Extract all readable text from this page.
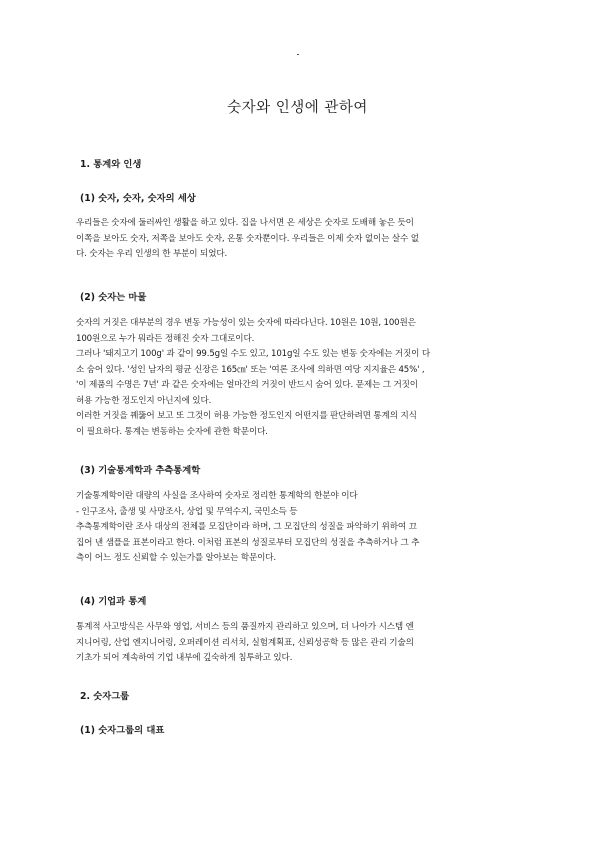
숫자와 인생에 관하여
1. 통계와 인생
(1) 숫자, 숫자, 숫자의 세상
우리들은 숫자에 둘러싸인 생활을 하고 있다. 집을 나서면 온 세상은 숫자로 도배해 놓은 듯이
이쪽을 보아도 숫자, 저쪽을 보아도 숫자, 온통 숫자뿐이다. 우리들은 이제 숫자 없이는 살수 없
다. 숫자는 우리 인생의 한 부분이 되었다.
(2) 숫자는 마물
숫자의 거짓은 대부분의 경우 변동 가능성이 있는 숫자에 따라다닌다. 10원은 10원, 100원은
100원으로 누가 뭐라든 정해진 숫자 그대로이다.
그러나 '돼지고기 100g' 과 같이 99.5g일 수도 있고, 101g일 수도 있는 변동 숫자에는 거짓이 다
소 숨어 있다. '성인 남자의 평균 신장은 165㎝' 또는 '여론 조사에 의하면 여당 지지율은 45%' ,
'이 제품의 수명은 7년' 과 같은 숫자에는 얼마간의 거짓이 반드시 숨어 있다. 문제는 그 거짓이
허용 가능한 정도인지 아닌지에 있다.
이러한 거짓을 꿰뚫어 보고 또 그것이 허용 가능한 정도인지 어떤지를 판단하려면 통계의 지식
이 필요하다. 통계는 변동하는 숫자에 관한 학문이다.
(3) 기술통계학과 추측통계학
기술통계학이란 대량의 사실을 조사하여 숫자로 정리한 통계학의 한분야 이다
- 인구조사, 출생 및 사망조사, 상업 및 무역수지, 국민소득 등
추측통계학이란 조사 대상의 전체를 모집단이라 하며, 그 모집단의 성질을 파악하기 위하여 끄
집어 낸 샘플을 표본이라고 한다. 이처럼 표본의 성질로부터 모집단의 성질을 추측하거나 그 추
측이 어느 정도 신뢰할 수 있는가를 알아보는 학문이다.
(4) 기업과 통계
통계적 사고방식은 사무와 영업, 서비스 등의 품질까지 관리하고 있으며, 더 나아가 시스템 엔
지니어링, 산업 엔지니어링, 오퍼레이션 리서치, 실험계획표, 신뢰성공학 등 많은 관리 기술의
기초가 되어 계속하여 기업 내부에 깊숙하게 침투하고 있다.
2. 숫자그룹
(1) 숫자그룹의 대표
